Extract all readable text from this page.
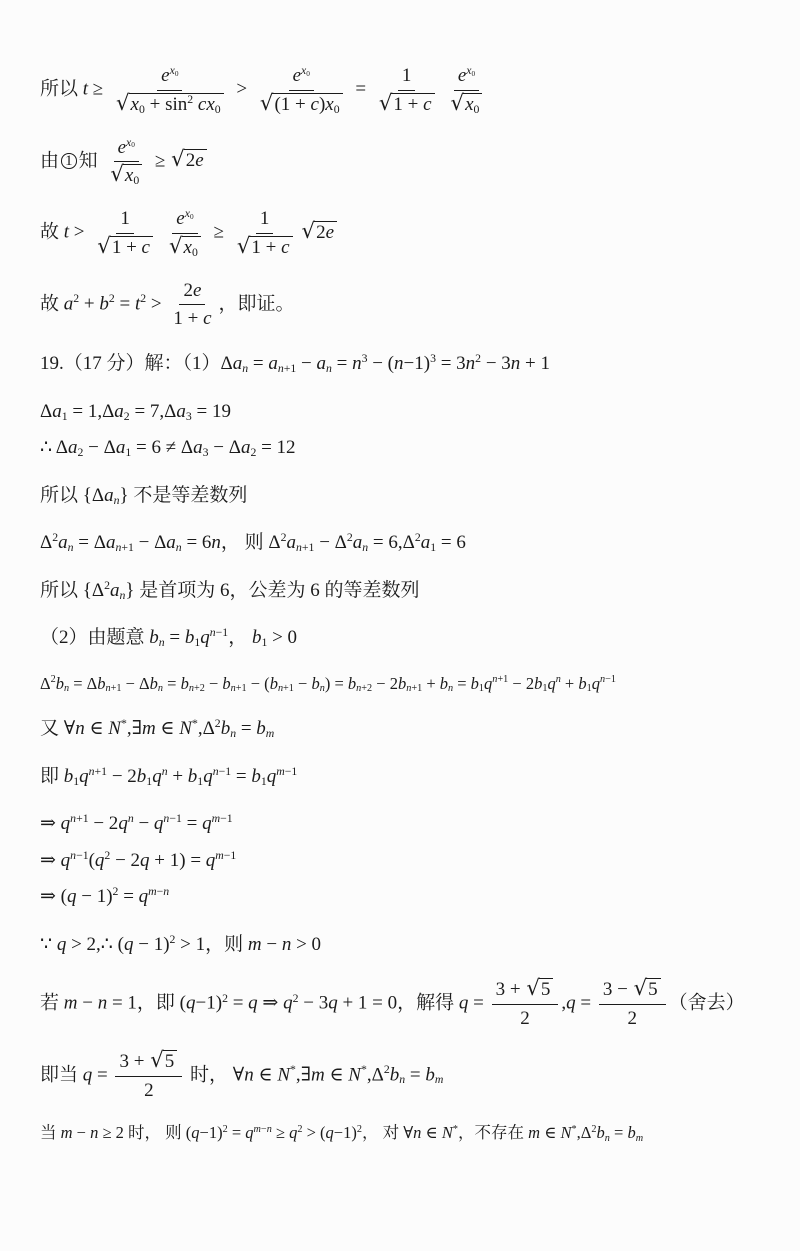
所以 $t \ge \frac{ex0}{√ x0 + \sin 2 cx0} > \frac{ex0}{√ (1 + c)x0} = \frac{1}{√ 1 + c} \frac{ex0}{√ x0}$
由 1 知 $\frac{ex0}{√ x0}$ ≥ √ 2e
故 $t > \frac{1}{√ 1 + c} \frac{ex0}{√ x0} \ge \frac{1}{√ 1 + c}$ √ 2e
故 $a2 + b2 = t2 > \frac{2e}{1 + c}$ ，即证。
19.（17 分）解：（1）Δan = an+1 − an = n3 − (n−1)3 = 3n2 − 3n + 1
Δa1 = 1,Δa2 = 7,Δa3 = 19
∴ Δa2 − Δa1 = 6 ≠ Δa3 − Δa2 = 12
所以 {Δan} 不是等差数列
Δ2an = Δan+1 − Δan = 6n， 则 Δ2an+1 − Δ2an = 6,Δ2a1 = 6
所以 {Δ2an} 是首项为 6，公差为 6 的等差数列
（2）由题意 bn = b1qn−1， b1 > 0
Δ2bn = Δbn+1 − Δbn = bn+2 − bn+1 − (bn+1 − bn) = bn+2 − 2bn+1 + bn = b1qn+1 − 2b1qn + b1qn−1
又 ∀n ∈ N*,∃m ∈ N*,Δ2bn = bm
即 b1qn+1 − 2b1qn + b1qn−1 = b1qm−1
⇒ qn+1 − 2qn − qn−1 = qm−1
⇒ qn−1(q2 − 2q + 1) = qm−1
⇒ (q − 1)2 = qm−n
∵ q > 2,∴ (q − 1)2 > 1，则 m − n > 0
若 m − n = 1，即 (q−1)2 = q ⇒ q2 − 3q + 1 = 0，解得 $q = \frac{3 + √ 5}{2} ,q = \frac{3 - √ 5}{2}$ （舍去）
即当 $q = \frac{3 + √ 5}{2}$ 时， ∀n ∈ N*,∃m ∈ N*,Δ2bn = bm
当 m − n ≥ 2 时， 则 (q−1)2 = qm−n ≥ q2 > (q−1)2， 对 ∀n ∈ N*，不存在 m ∈ N*,Δ2bn = bm
